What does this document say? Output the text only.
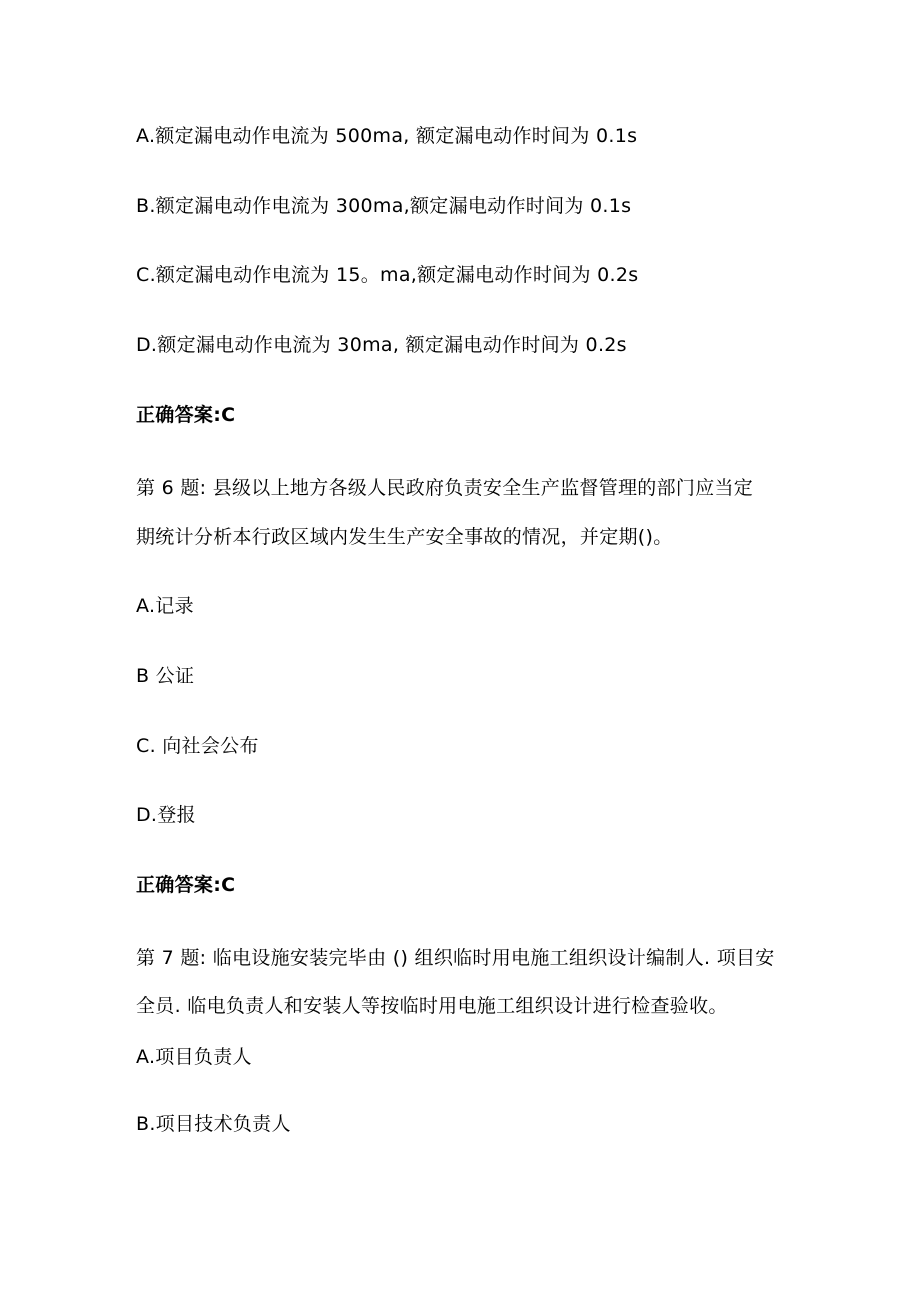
A.额定漏电动作电流为 500ma, 额定漏电动作时间为 0.1s
B.额定漏电动作电流为 300ma,额定漏电动作时间为 0.1s
C.额定漏电动作电流为 15。ma,额定漏电动作时间为 0.2s
D.额定漏电动作电流为 30ma, 额定漏电动作时间为 0.2s
正确答案:C
第 6 题: 县级以上地方各级人民政府负责安全生产监督管理的部门应当定
期统计分析本行政区域内发生生产安全事故的情况，并定期()。
A.记录
B 公证
C. 向社会公布
D.登报
正确答案:C
第 7 题: 临电设施安装完毕由 () 组织临时用电施工组织设计编制人. 项目安
全员. 临电负责人和安装人等按临时用电施工组织设计进行检查验收。
A.项目负责人
B.项目技术负责人
